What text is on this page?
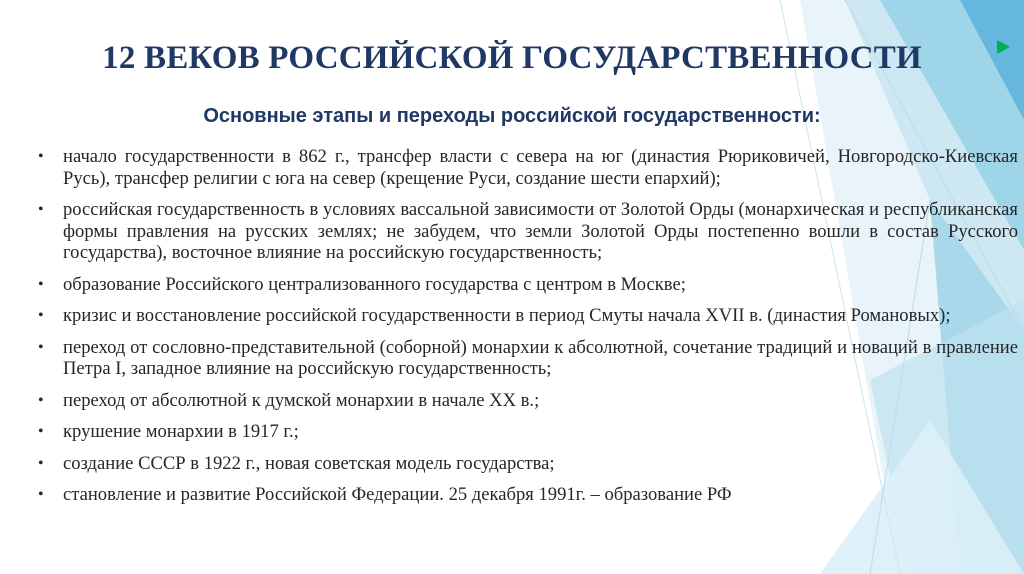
12 ВЕКОВ РОССИЙСКОЙ ГОСУДАРСТВЕННОСТИ
Основные этапы и переходы российской государственности:
• начало государственности в 862 г., трансфер власти с севера на юг (династия Рюриковичей, Новгородско-Киевская Русь), трансфер религии с юга на север (крещение Руси, создание шести епархий);
• российская государственность в условиях вассальной зависимости от Золотой Орды (монархическая и республиканская формы правления на русских землях; не забудем, что земли Золотой Орды постепенно вошли в состав Русского государства), восточное влияние на российскую государственность;
• образование Российского централизованного государства с центром в Москве;
• кризис и восстановление российской государственности в период Смуты начала XVII в. (династия Романовых);
• переход от сословно-представительной (соборной) монархии к абсолютной, сочетание традиций и новаций в правление Петра I, западное влияние на российскую государственность;
• переход от абсолютной к думской монархии в начале XX в.;
• крушение монархии в 1917 г.;
• создание СССР в 1922 г., новая советская модель государства;
• становление и развитие Российской Федерации. 25 декабря 1991г. – образование РФ
